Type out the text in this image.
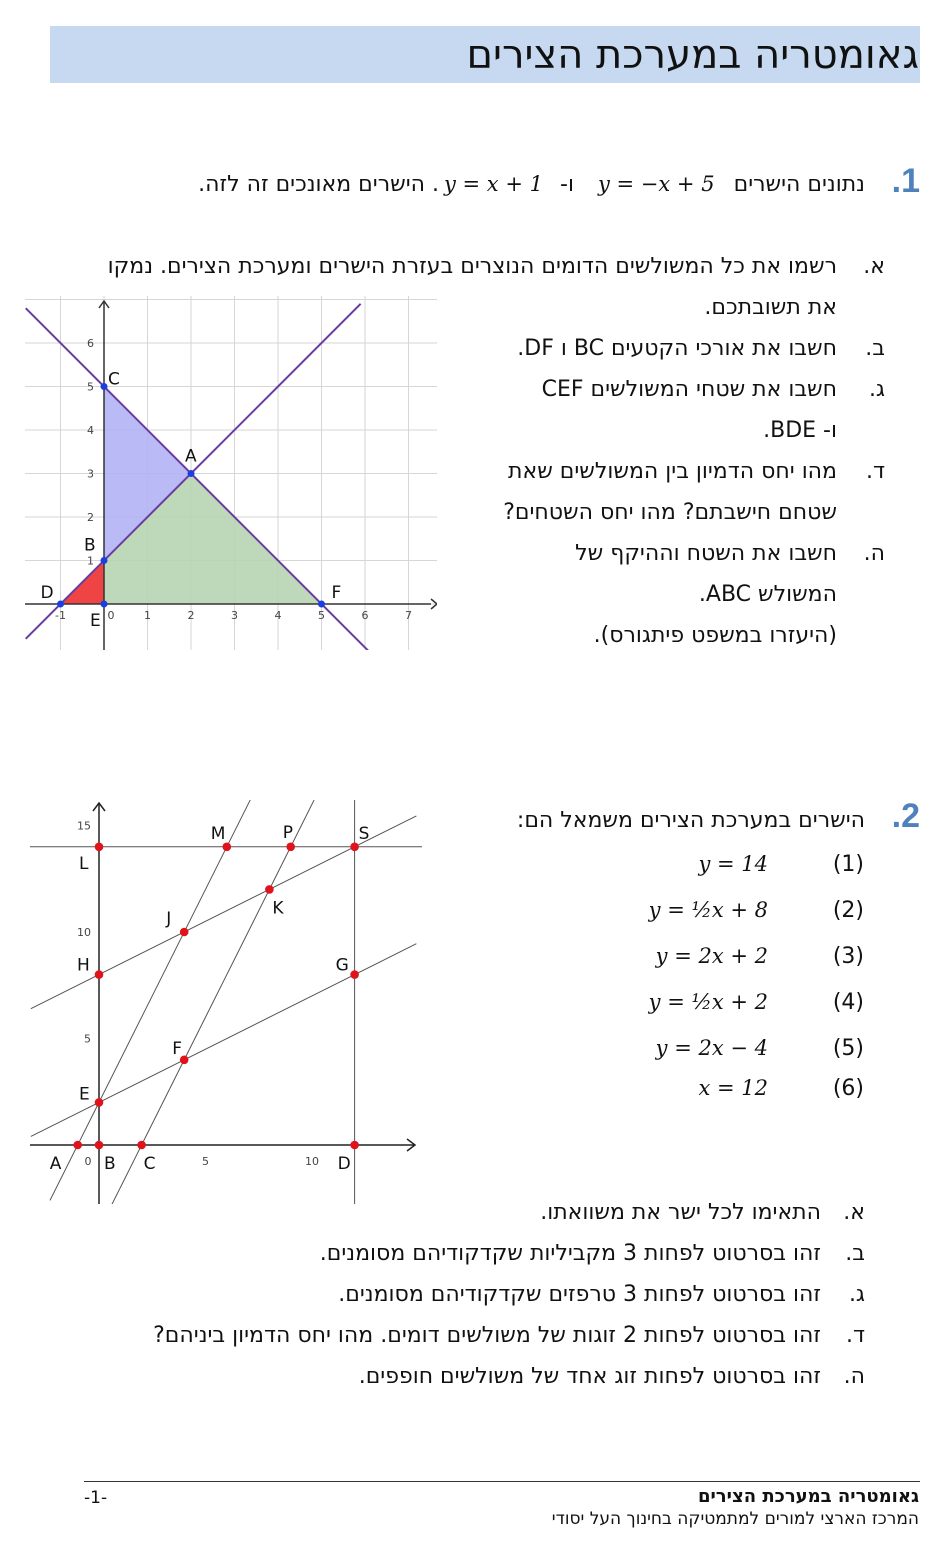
גאומטריה במערכת הצירים
.1
נתונים הישרים
y = −x + 5
-ו
y = x + 1
. הישרים מאונכים זה לזה.
א.רשמו את כל המשולשים הדומים הנוצרים בעזרת הישרים ומערכת הצירים. נמקו
את תשובתכם.
ב.חשבו את אורכי הקטעים BC ו DF.
ג.חשבו את שטחי המשולשים CEF
ו- BDE.
ד.מהו יחס הדמיון בין המשולשים שאת
שטחם חישבתם? מהו יחס השטחים?
ה.חשבו את השטח וההיקף של
המשולש ABC.
(היעזרו במשפט פיתגורס).
-1	0	1	2	3	4	5	6	7
1
2
3
4
5
6
A
B
C
D
E
F
.2
הישרים במערכת הצירים משמאל הם:
y = 14	(1)
y = ½x + 8	(2)
y = 2x + 2	(3)
y = ½x + 2	(4)
y = 2x − 4	(5)
x = 12	(6)
0	5	10
5
10
15
A	B C	D
E
F
G
H
J
K
L
M	P	S
א.התאימו לכל ישר את משוואתו.
ב.זהו בסרטוט לפחות 3 מקביליות שקדקודיהם מסומנים.
ג.זהו בסרטוט לפחות 3 טרפזים שקדקודיהם מסומנים.
ד.זהו בסרטוט לפחות 2 זוגות של משולשים דומים. מהו יחס הדמיון ביניהם?
ה.זהו בסרטוט לפחות זוג אחד של משולשים חופפים.
-1-	גאומטריה במערכת הצירים
המרכז הארצי למורים למתמטיקה בחינוך העל יסודי
